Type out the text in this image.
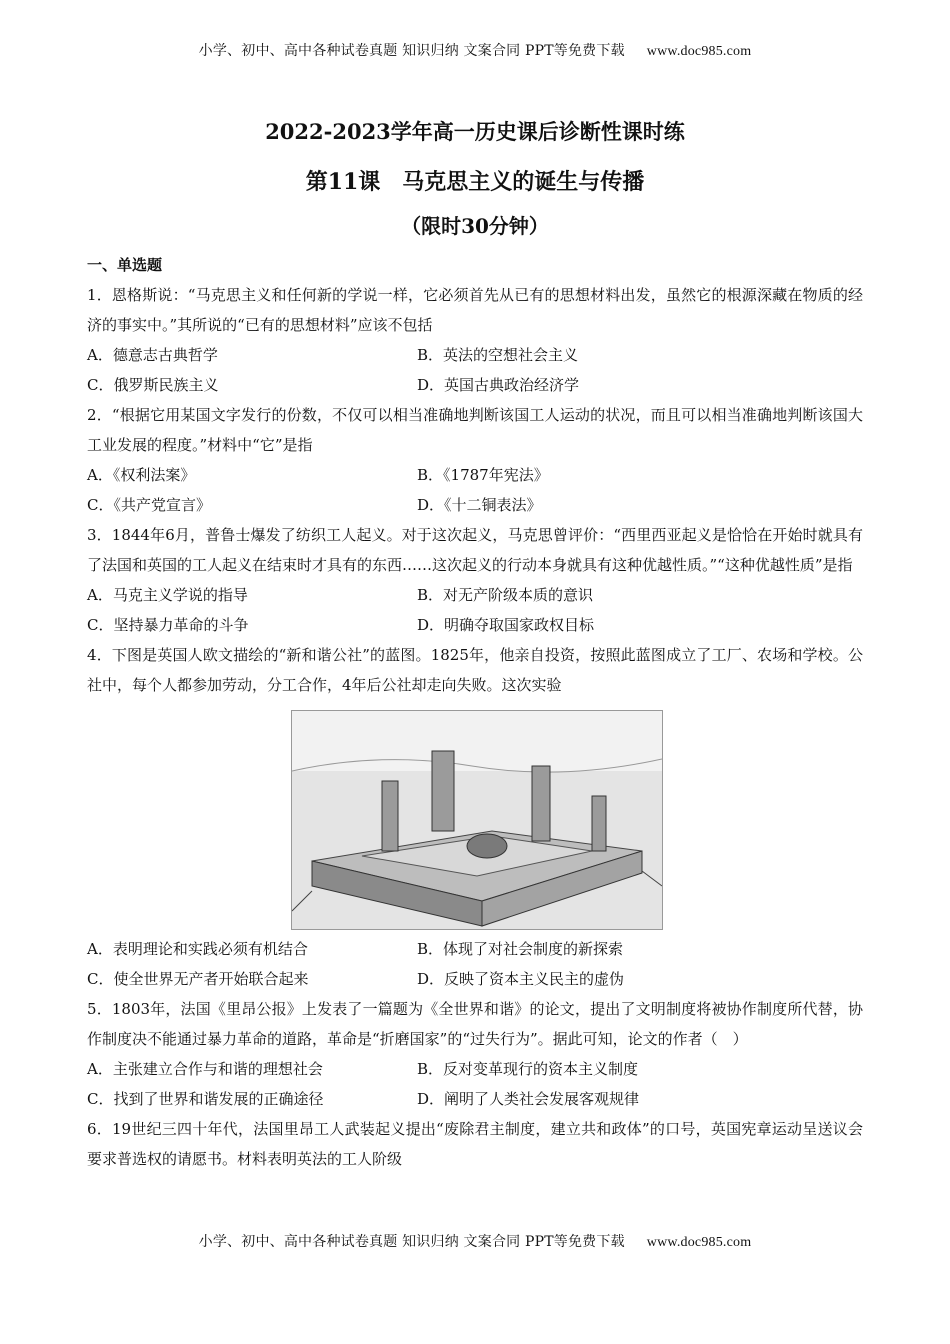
小学、初中、高中各种试卷真题 知识归纳 文案合同 PPT等免费下载 www.doc985.com
2022-2023学年高一历史课后诊断性课时练
第11课　马克思主义的诞生与传播
（限时30分钟）
一、单选题
1．恩格斯说：“马克思主义和任何新的学说一样，它必须首先从已有的思想材料出发，虽然它的根源深藏在物质的经济的事实中。”其所说的“已有的思想材料”应该不包括
A．德意志古典哲学	B．英法的空想社会主义
C．俄罗斯民族主义	D．英国古典政治经济学
2．“根据它用某国文字发行的份数，不仅可以相当准确地判断该国工人运动的状况，而且可以相当准确地判断该国大工业发展的程度。”材料中“它”是指
A．《权利法案》	B．《1787年宪法》
C．《共产党宣言》	D．《十二铜表法》
3．1844年6月，普鲁士爆发了纺织工人起义。对于这次起义，马克思曾评价：“西里西亚起义是恰恰在开始时就具有了法国和英国的工人起义在结束时才具有的东西……这次起义的行动本身就具有这种优越性质。”“这种优越性质”是指
A．马克主义学说的指导	B．对无产阶级本质的意识
C．坚持暴力革命的斗争	D．明确夺取国家政权目标
4．下图是英国人欧文描绘的“新和谐公社”的蓝图。1825年，他亲自投资，按照此蓝图成立了工厂、农场和学校。公社中，每个人都参加劳动，分工合作，4年后公社却走向失败。这次实验
A．表明理论和实践必须有机结合	B．体现了对社会制度的新探索
C．使全世界无产者开始联合起来	D．反映了资本主义民主的虚伪
5．1803年，法国《里昂公报》上发表了一篇题为《全世界和谐》的论文，提出了文明制度将被协作制度所代替，协作制度决不能通过暴力革命的道路，革命是“折磨国家”的“过失行为”。据此可知，论文的作者（　）
A．主张建立合作与和谐的理想社会	B．反对变革现行的资本主义制度
C．找到了世界和谐发展的正确途径	D．阐明了人类社会发展客观规律
6．19世纪三四十年代，法国里昂工人武装起义提出“废除君主制度，建立共和政体”的口号，英国宪章运动呈送议会要求普选权的请愿书。材料表明英法的工人阶级
小学、初中、高中各种试卷真题 知识归纳 文案合同 PPT等免费下载 www.doc985.com
